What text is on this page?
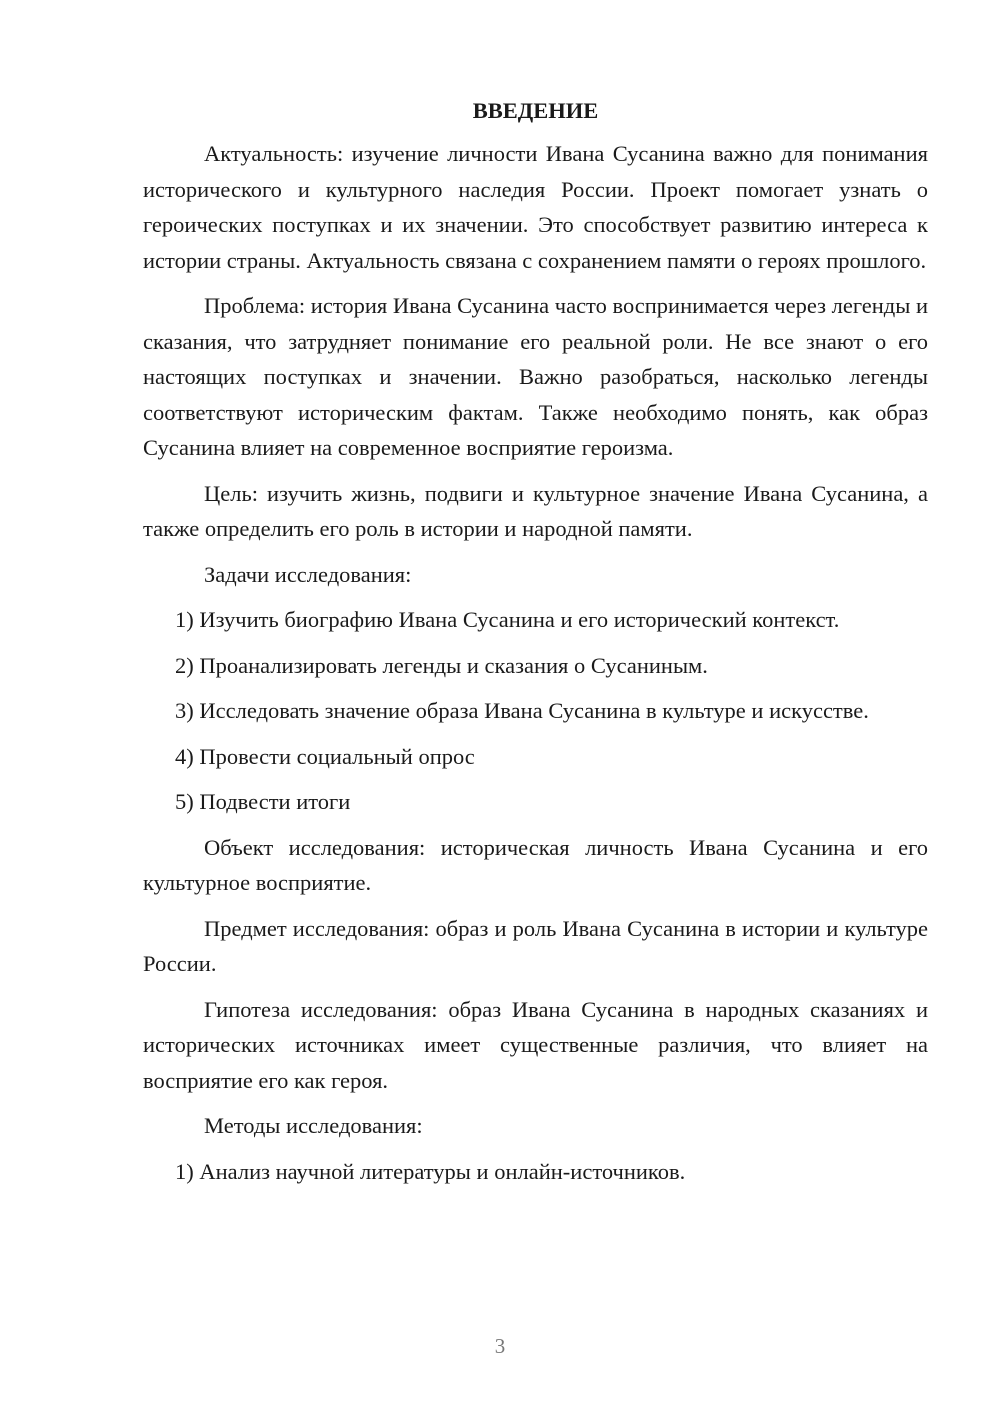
ВВЕДЕНИЕ

Актуальность: изучение личности Ивана Сусанина важно для понимания исторического и культурного наследия России. Проект помогает узнать о героических поступках и их значении. Это способствует развитию интереса к истории страны. Актуальность связана с сохранением памяти о героях прошлого.

Проблема: история Ивана Сусанина часто воспринимается через легенды и сказания, что затрудняет понимание его реальной роли. Не все знают о его настоящих поступках и значении. Важно разобраться, насколько легенды соответствуют историческим фактам. Также необходимо понять, как образ Сусанина влияет на современное восприятие героизма.

Цель: изучить жизнь, подвиги и культурное значение Ивана Сусанина, а также определить его роль в истории и народной памяти.

Задачи исследования:

1) Изучить биографию Ивана Сусанина и его исторический контекст.

2) Проанализировать легенды и сказания о Сусаниным.

3) Исследовать значение образа Ивана Сусанина в культуре и искусстве.

4) Провести социальный опрос

5) Подвести итоги

Объект исследования: историческая личность Ивана Сусанина и его культурное восприятие.

Предмет исследования: образ и роль Ивана Сусанина в истории и культуре России.

Гипотеза исследования: образ Ивана Сусанина в народных сказаниях и исторических источниках имеет существенные различия, что влияет на восприятие его как героя.

Методы исследования:

1) Анализ научной литературы и онлайн-источников.

3
